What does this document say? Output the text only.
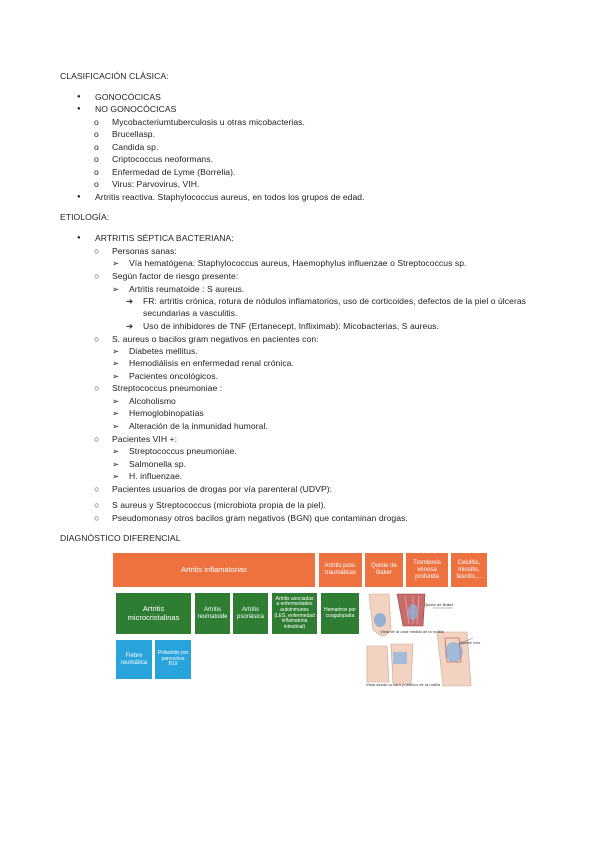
CLASIFICACIÓN CLÁSICA:
● GONOCÓCICAS
● NO GONOCÓCICAS
o Mycobacteriumtuberculosis u otras micobacterias.
o Brucellasp.
o Candida sp.
o Criptococcus neoformans.
o Enfermedad de Lyme (Borrelia).
o Virus: Parvovirus, VIH.
● Artritis reactiva. Staphylococcus aureus, en todos los grupos de edad.
ETIOLOGÍA:
● ARTRITIS SÉPTICA BACTERIANA:
○ Personas sanas:
➢ Vía hematógena: Staphylococcus aureus, Haemophylus influenzae o Streptococcus sp.
○ Según factor de riesgo presente:
➢ Artritis reumatoide : S aureus.
➔ FR: artritis crónica, rotura de nódulos inflamatorios, uso de corticoides, defectos de la piel o úlceras
secundarias a vasculitis.
➔ Uso de inhibidores de TNF (Ertanecept, Infliximab): Micobacterias, S aureus.
○ S. aureus o bacilos gram negativos en pacientes con:
➢ Diabetes mellitus.
➢ Hemodiálisis en enfermedad renal crónica.
➢ Pacientes oncológicos.
○ Streptococcus pneumoniae :
➢ Alcoholismo
➢ Hemoglobinopatías
➢ Alteración de la inmunidad humoral.
○ Pacientes VIH +:
➢ Streptococcus pneumoniae.
➢ Salmonella sp.
➢ H. influenzae.
○ Pacientes usuarios de drogas por vía parenteral (UDVP):
○ S aureus y Streptococcus (microbiota propia de la piel).
○ Pseudomonasy otros bacilos gram negativos (BGN) que contaminan drogas.
DIAGNÓSTICO DIFERENCIAL
Artritis inflamatorias	Artritis post-traumáticas
Quiste de Baker
Trombosis venosa profunda
Celulitis, miositis, fascitis,...
Artritis microcristalinas
Artritis reumatoide
Artritis psoriásica
Artritis asociadas a enfermedades autoinmunes (LES, enfermedad inflamatoria intestinal)
Hemartros por coagulopatía
Fiebre reumática
Poliartritis por parvovirus B19
Quiste de Baker
Vista de la cara medial de la rodilla
Quiste roto
Vista desde la cara posterior de la rodilla
